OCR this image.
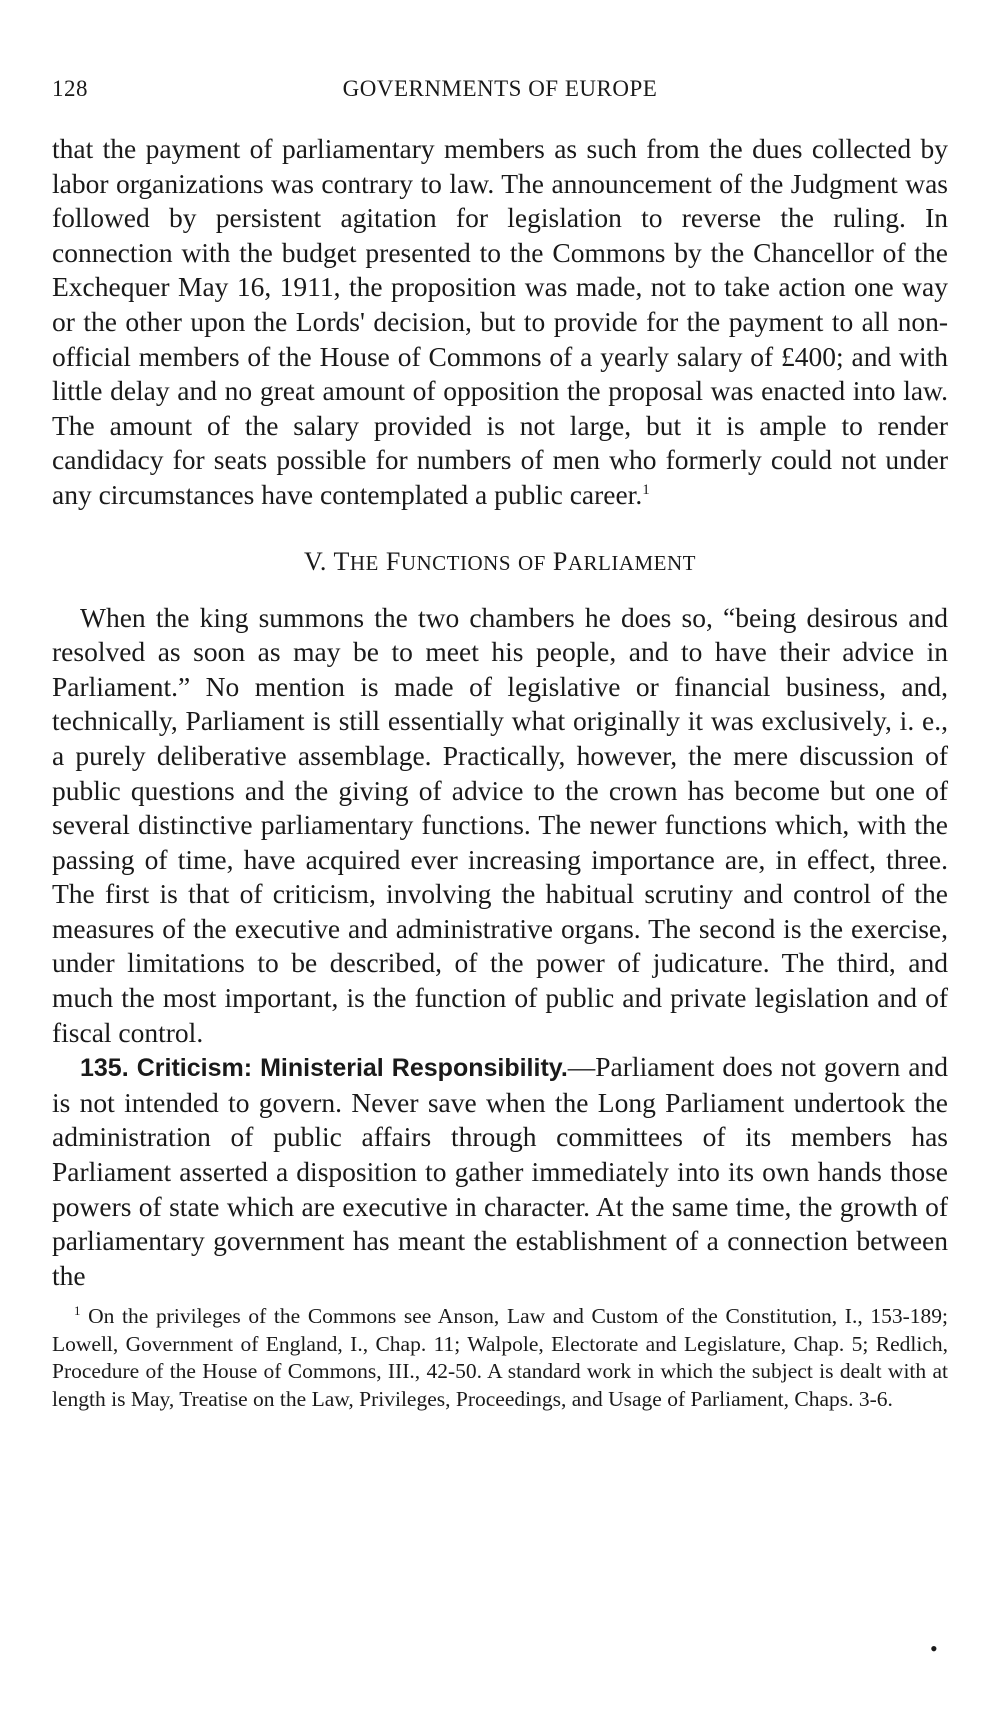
128	GOVERNMENTS OF EUROPE

that the payment of parliamentary members as such from the dues collected by labor organizations was contrary to law. The announcement of the Judgment was followed by persistent agitation for legislation to reverse the ruling. In connection with the budget presented to the Commons by the Chancellor of the Exchequer May 16, 1911, the proposition was made, not to take action one way or the other upon the Lords' decision, but to provide for the payment to all non-official members of the House of Commons of a yearly salary of £400; and with little delay and no great amount of opposition the proposal was enacted into law. The amount of the salary provided is not large, but it is ample to render candidacy for seats possible for numbers of men who formerly could not under any circumstances have contemplated a public career.$^1$

V. THE FUNCTIONS OF PARLIAMENT

When the king summons the two chambers he does so, “being desirous and resolved as soon as may be to meet his people, and to have their advice in Parliament.” No mention is made of legislative or financial business, and, technically, Parliament is still essentially what originally it was exclusively, i. e., a purely deliberative assemblage. Practically, however, the mere discussion of public questions and the giving of advice to the crown has become but one of several distinctive parliamentary functions. The newer functions which, with the passing of time, have acquired ever increasing importance are, in effect, three. The first is that of criticism, involving the habitual scrutiny and control of the measures of the executive and administrative organs. The second is the exercise, under limitations to be described, of the power of judicature. The third, and much the most important, is the function of public and private legislation and of fiscal control.

135. Criticism: Ministerial Responsibility.—Parliament does not govern and is not intended to govern. Never save when the Long Parliament undertook the administration of public affairs through committees of its members has Parliament asserted a disposition to gather immediately into its own hands those powers of state which are executive in character. At the same time, the growth of parliamentary government has meant the establishment of a connection between the

$^1$ On the privileges of the Commons see Anson, Law and Custom of the Constitution, I., 153-189; Lowell, Government of England, I., Chap. 11; Walpole, Electorate and Legislature, Chap. 5; Redlich, Procedure of the House of Commons, III., 42-50. A standard work in which the subject is dealt with at length is May, Treatise on the Law, Privileges, Proceedings, and Usage of Parliament, Chaps. 3-6.
•
